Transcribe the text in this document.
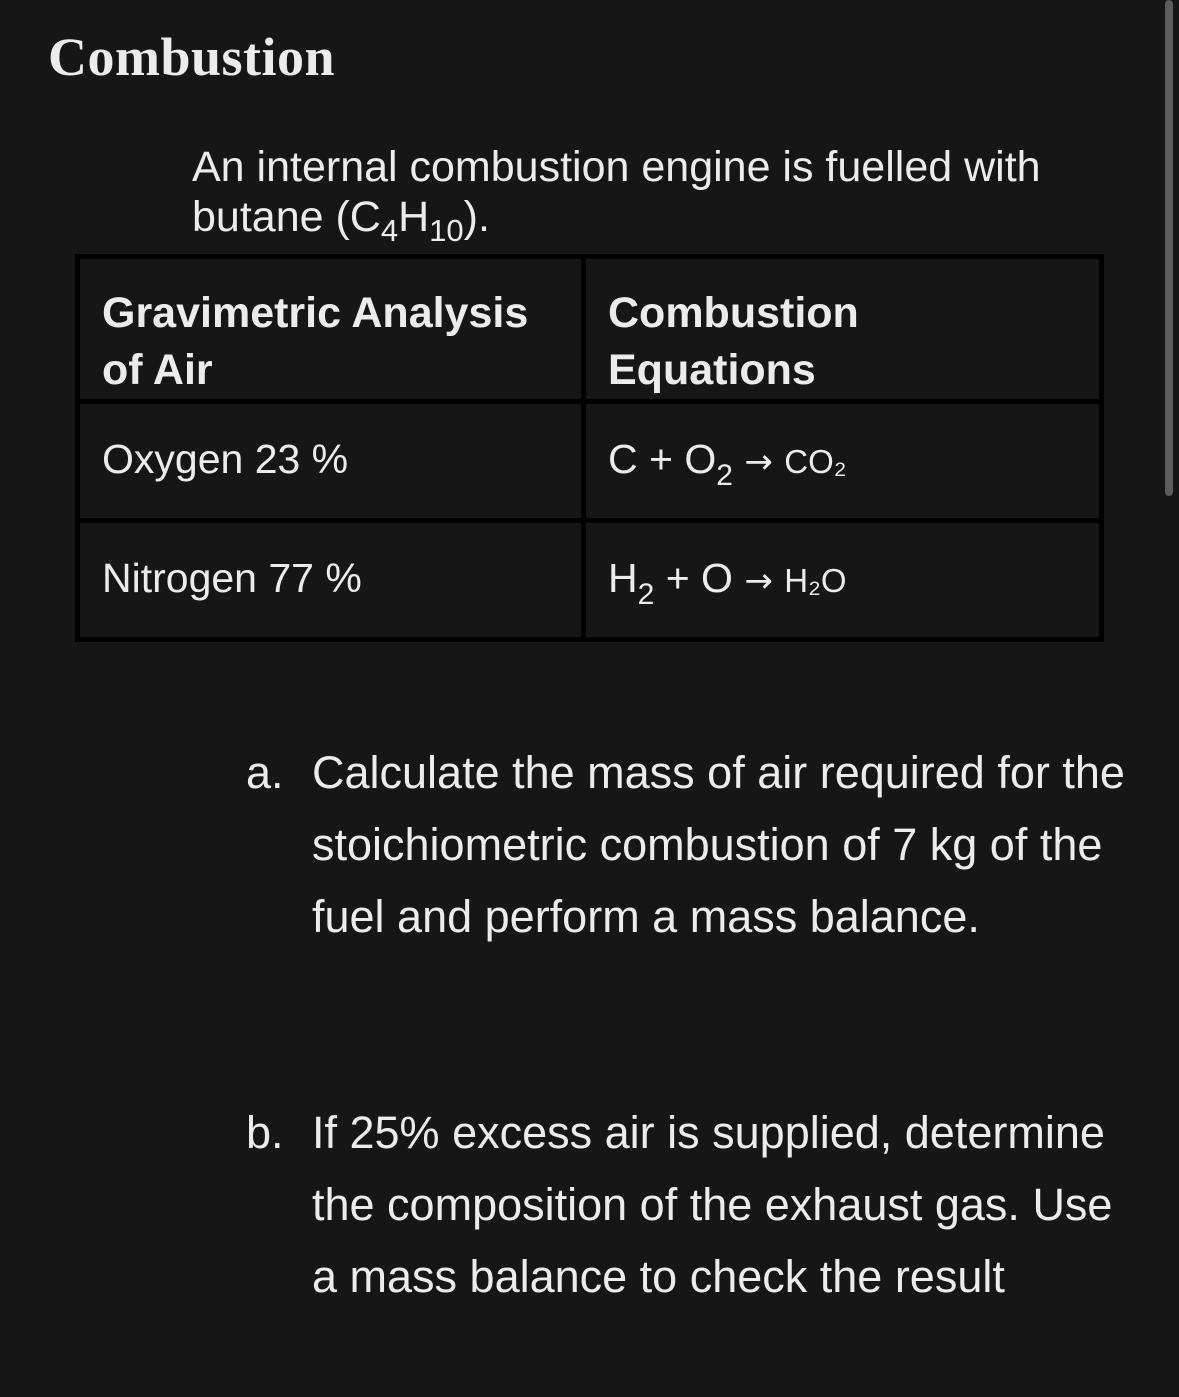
Combustion
An internal combustion engine is fuelled with butane $(C_4H_{10})$.
Gravimetric Analysis of Air	Combustion Equations
Oxygen 23 %	$C + O_2 \to CO_2$
Nitrogen 77 %	$H_2 + O \to H_2O$
a. Calculate the mass of air required for the stoichiometric combustion of 7 kg of the fuel and perform a mass balance.
b. If 25% excess air is supplied, determine the composition of the exhaust gas. Use a mass balance to check the result
